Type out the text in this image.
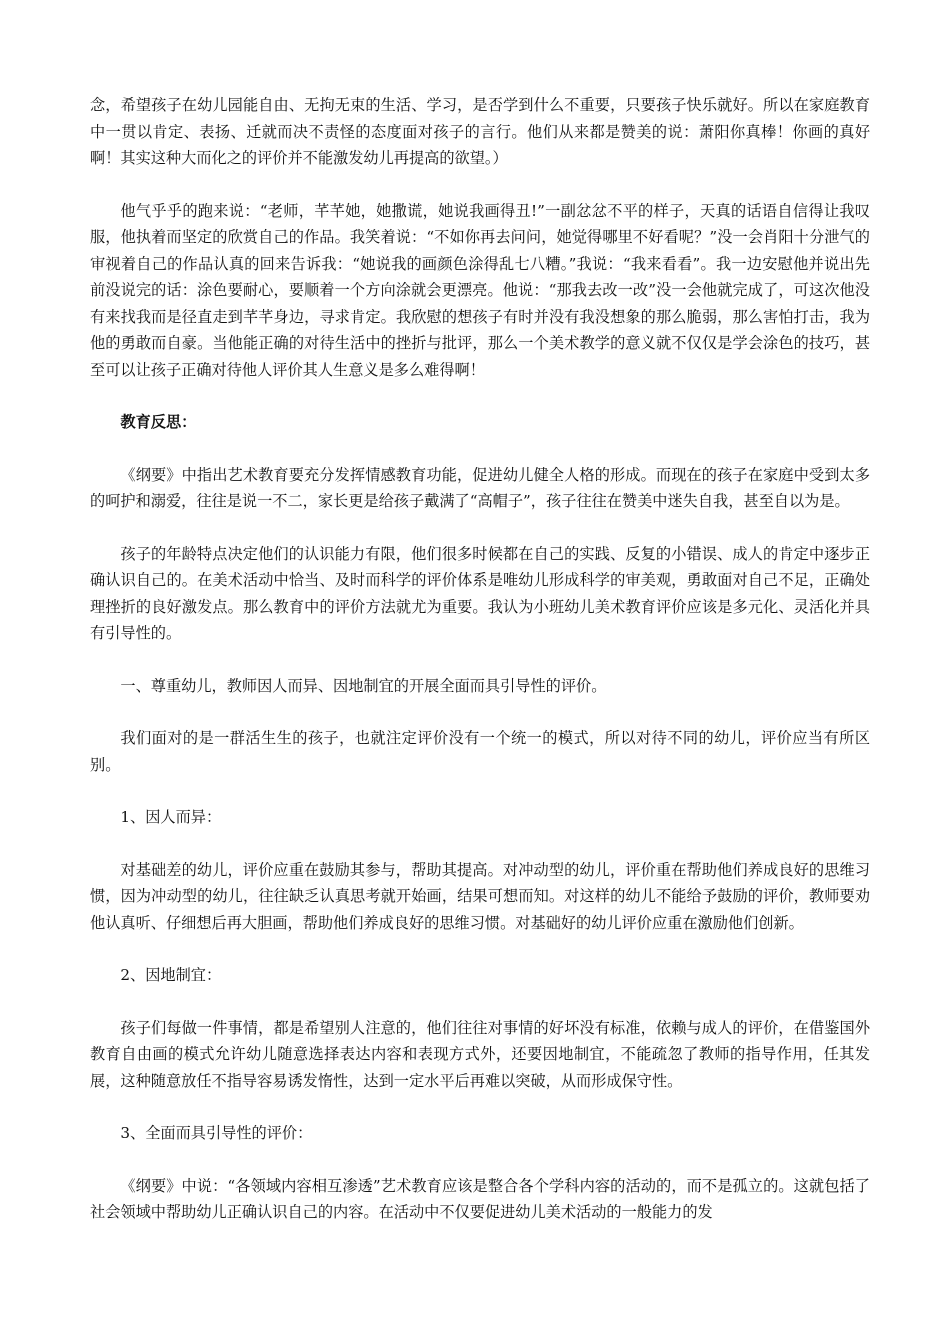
念，希望孩子在幼儿园能自由、无拘无束的生活、学习，是否学到什么不重要，只要孩子快乐就好。所以在家庭教育中一贯以肯定、表扬、迁就而决不责怪的态度面对孩子的言行。他们从来都是赞美的说：萧阳你真棒！你画的真好啊！其实这种大而化之的评价并不能激发幼儿再提高的欲望。）

他气乎乎的跑来说：“老师，芊芊她，她撒谎，她说我画得丑!”一副忿忿不平的样子，天真的话语自信得让我叹服，他执着而坚定的欣赏自己的作品。我笑着说：“不如你再去问问，她觉得哪里不好看呢？”没一会肖阳十分泄气的审视着自己的作品认真的回来告诉我：“她说我的画颜色涂得乱七八糟。”我说：“我来看看”。我一边安慰他并说出先前没说完的话：涂色要耐心，要顺着一个方向涂就会更漂亮。他说：“那我去改一改”没一会他就完成了，可这次他没有来找我而是径直走到芊芊身边，寻求肯定。我欣慰的想孩子有时并没有我没想象的那么脆弱，那么害怕打击，我为他的勇敢而自豪。当他能正确的对待生活中的挫折与批评，那么一个美术教学的意义就不仅仅是学会涂色的技巧，甚至可以让孩子正确对待他人评价其人生意义是多么难得啊！

教育反思：

《纲要》中指出艺术教育要充分发挥情感教育功能，促进幼儿健全人格的形成。而现在的孩子在家庭中受到太多的呵护和溺爱，往往是说一不二，家长更是给孩子戴满了“高帽子”，孩子往往在赞美中迷失自我，甚至自以为是。

孩子的年龄特点决定他们的认识能力有限，他们很多时候都在自己的实践、反复的小错误、成人的肯定中逐步正确认识自己的。在美术活动中恰当、及时而科学的评价体系是唯幼儿形成科学的审美观，勇敢面对自己不足，正确处理挫折的良好激发点。那么教育中的评价方法就尤为重要。我认为小班幼儿美术教育评价应该是多元化、灵活化并具有引导性的。

一、尊重幼儿，教师因人而异、因地制宜的开展全面而具引导性的评价。

我们面对的是一群活生生的孩子，也就注定评价没有一个统一的模式，所以对待不同的幼儿，评价应当有所区别。

1、因人而异：

对基础差的幼儿，评价应重在鼓励其参与，帮助其提高。对冲动型的幼儿，评价重在帮助他们养成良好的思维习惯，因为冲动型的幼儿，往往缺乏认真思考就开始画，结果可想而知。对这样的幼儿不能给予鼓励的评价，教师要劝他认真听、仔细想后再大胆画，帮助他们养成良好的思维习惯。对基础好的幼儿评价应重在激励他们创新。

2、因地制宜：

孩子们每做一件事情，都是希望别人注意的，他们往往对事情的好坏没有标准，依赖与成人的评价，在借鉴国外教育自由画的模式允许幼儿随意选择表达内容和表现方式外，还要因地制宜，不能疏忽了教师的指导作用，任其发展，这种随意放任不指导容易诱发惰性，达到一定水平后再难以突破，从而形成保守性。

3、全面而具引导性的评价：

《纲要》中说：“各领域内容相互渗透”艺术教育应该是整合各个学科内容的活动的，而不是孤立的。这就包括了社会领域中帮助幼儿正确认识自己的内容。在活动中不仅要促进幼儿美术活动的一般能力的发
